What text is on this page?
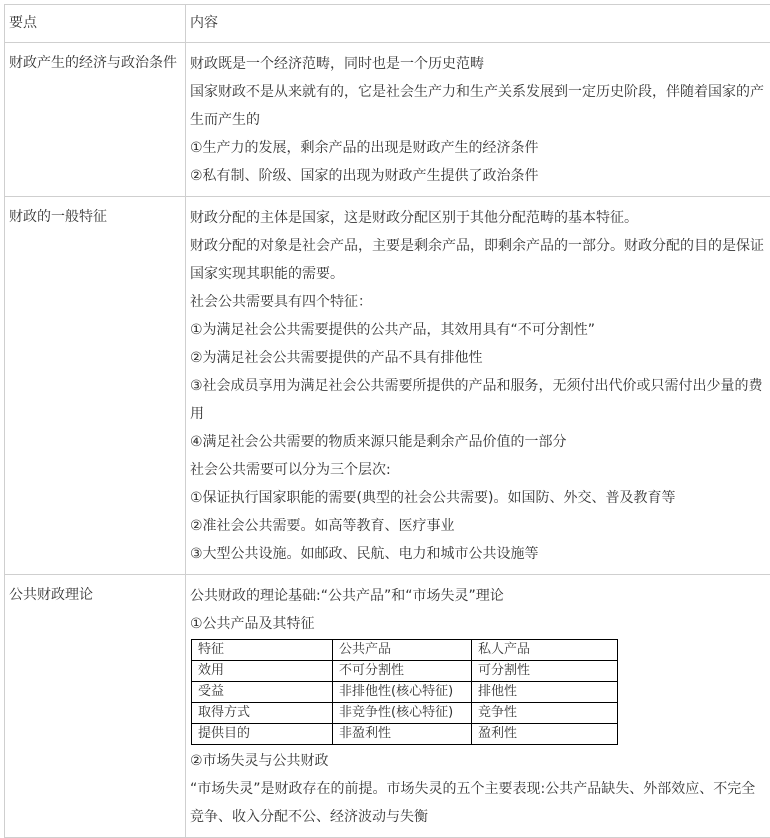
要点	内容
财政产生的经济与政治条件	财政既是一个经济范畴，同时也是一个历史范畴
国家财政不是从来就有的，它是社会生产力和生产关系发展到一定历史阶段，伴随着国家的产生而产生的
①生产力的发展，剩余产品的出现是财政产生的经济条件
②私有制、阶级、国家的出现为财政产生提供了政治条件

财政的一般特征	财政分配的主体是国家，这是财政分配区别于其他分配范畴的基本特征。
财政分配的对象是社会产品，主要是剩余产品，即剩余产品的一部分。财政分配的目的是保证国家实现其职能的需要。
社会公共需要具有四个特征：
①为满足社会公共需要提供的公共产品，其效用具有“不可分割性”
②为满足社会公共需要提供的产品不具有排他性
③社会成员享用为满足社会公共需要所提供的产品和服务，无须付出代价或只需付出少量的费用
④满足社会公共需要的物质来源只能是剩余产品价值的一部分
社会公共需要可以分为三个层次:
①保证执行国家职能的需要(典型的社会公共需要)。如国防、外交、普及教育等
②准社会公共需要。如高等教育、医疗事业
③大型公共设施。如邮政、民航、电力和城市公共设施等

公共财政理论	公共财政的理论基础:“公共产品”和“市场失灵”理论
①公共产品及其特征
特征	公共产品	私人产品
效用	不可分割性	可分割性
受益	非排他性(核心特征)	排他性
取得方式	非竞争性(核心特征)	竞争性
提供目的	非盈利性	盈利性
②市场失灵与公共财政
“市场失灵”是财政存在的前提。市场失灵的五个主要表现:公共产品缺失、外部效应、不完全竞争、收入分配不公、经济波动与失衡
